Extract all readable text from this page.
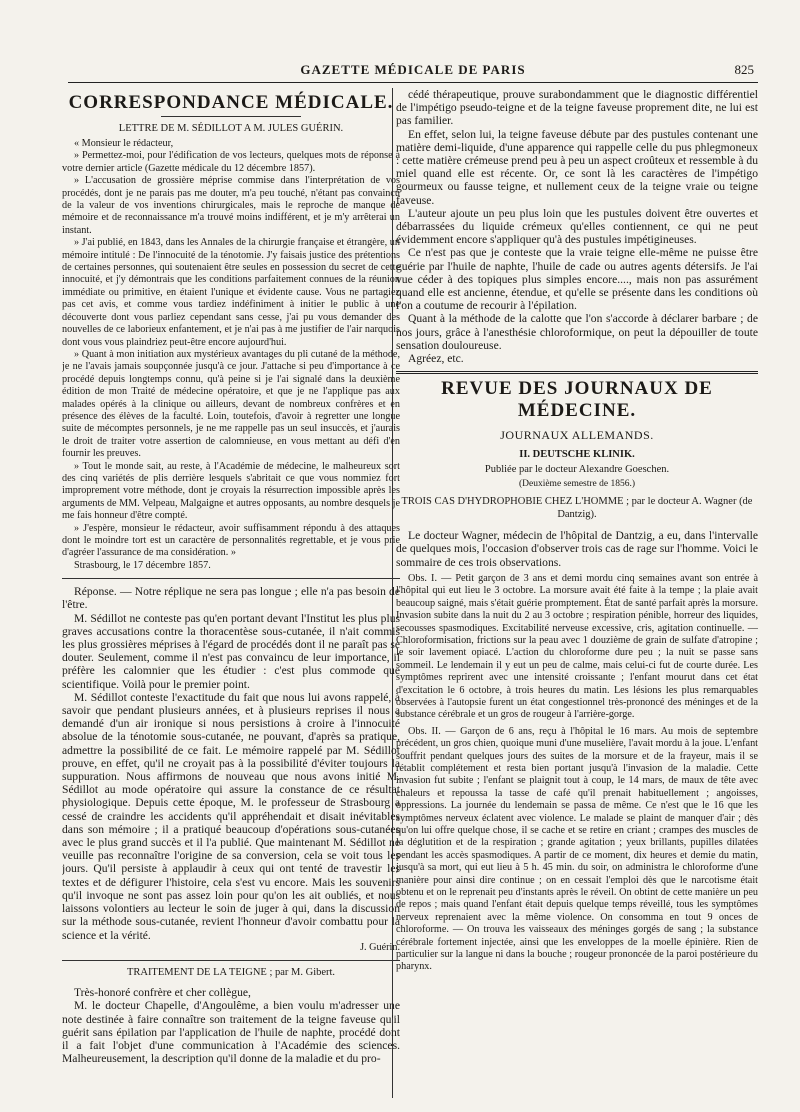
GAZETTE MÉDICALE DE PARIS	825
CORRESPONDANCE MÉDICALE.
LETTRE DE M. SÉDILLOT A M. JULES GUÉRIN.

« Monsieur le rédacteur,

» Permettez-moi, pour l'édification de vos lecteurs, quelques mots de réponse à votre dernier article (Gazette médicale du 12 décembre 1857).

» L'accusation de grossière méprise commise dans l'interprétation de vos procédés, dont je ne parais pas me douter, m'a peu touché, n'étant pas convaincu de la valeur de vos inventions chirurgicales, mais le reproche de manque de mémoire et de reconnaissance m'a trouvé moins indifférent, et je m'y arrêterai un instant.

» J'ai publié, en 1843, dans les Annales de la chirurgie française et étrangère, un mémoire intitulé : De l'innocuité de la ténotomie. J'y faisais justice des prétentions de certaines personnes, qui soutenaient être seules en possession du secret de cette innocuité, et j'y démontrais que les conditions parfaitement connues de la réunion immédiate ou primitive, en étaient l'unique et évidente cause. Vous ne partagiez pas cet avis, et comme vous tardiez indéfiniment à initier le public à une découverte dont vous parliez cependant sans cesse, j'ai pu vous demander des nouvelles de ce laborieux enfantement, et je n'ai pas à me justifier de l'air narquois dont vous vous plaindriez peut-être encore aujourd'hui.

» Quant à mon initiation aux mystérieux avantages du pli cutané de la méthode, je ne l'avais jamais soupçonnée jusqu'à ce jour. J'attache si peu d'importance à ce procédé depuis longtemps connu, qu'à peine si je l'ai signalé dans la deuxième édition de mon Traité de médecine opératoire, et que je ne l'applique pas aux malades opérés à la clinique ou ailleurs, devant de nombreux confrères et en présence des élèves de la faculté. Loin, toutefois, d'avoir à regretter une longue suite de mécomptes personnels, je ne me rappelle pas un seul insuccès, et j'aurais le droit de traiter votre assertion de calomnieuse, en vous mettant au défi d'en fournir les preuves.

» Tout le monde sait, au reste, à l'Académie de médecine, le malheureux sort des cinq variétés de plis derrière lesquels s'abritait ce que vous nommiez fort improprement votre méthode, dont je croyais la résurrection impossible après les arguments de MM. Velpeau, Malgaigne et autres opposants, au nombre desquels je me fais honneur d'être compté.

» J'espère, monsieur le rédacteur, avoir suffisamment répondu à des attaques dont le moindre tort est un caractère de personnalités regrettable, et je vous prie d'agréer l'assurance de ma considération. »

Strasbourg, le 17 décembre 1857.

Réponse. — Notre réplique ne sera pas longue ; elle n'a pas besoin de l'être.

M. Sédillot ne conteste pas qu'en portant devant l'Institut les plus plus graves accusations contre la thoracentèse sous-cutanée, il n'ait commis les plus grossières méprises à l'égard de procédés dont il ne paraît pas se douter. Seulement, comme il n'est pas convaincu de leur importance, il préfère les calomnier que les étudier : c'est plus commode que scientifique. Voilà pour le premier point.

M. Sédillot conteste l'exactitude du fait que nous lui avons rappelé, à savoir que pendant plusieurs années, et à plusieurs reprises il nous a demandé d'un air ironique si nous persistions à croire à l'innocuité absolue de la ténotomie sous-cutanée, ne pouvant, d'après sa pratique, admettre la possibilité de ce fait. Le mémoire rappelé par M. Sédillot prouve, en effet, qu'il ne croyait pas à la possibilité d'éviter toujours la suppuration. Nous affirmons de nouveau que nous avons initié M. Sédillot au mode opératoire qui assure la constance de ce résultat physiologique. Depuis cette époque, M. le professeur de Strasbourg a cessé de craindre les accidents qu'il appréhendait et disait inévitables dans son mémoire ; il a pratiqué beaucoup d'opérations sous-cutanées avec le plus grand succès et il l'a publié. Que maintenant M. Sédillot ne veuille pas reconnaître l'origine de sa conversion, cela se voit tous les jours. Qu'il persiste à applaudir à ceux qui ont tenté de travestir les textes et de défigurer l'histoire, cela s'est vu encore. Mais les souvenirs qu'il invoque ne sont pas assez loin pour qu'on les ait oubliés, et nous laissons volontiers au lecteur le soin de juger à qui, dans la discussion sur la méthode sous-cutanée, revient l'honneur d'avoir combattu pour la science et la vérité.

J. Guérin.

TRAITEMENT DE LA TEIGNE ; par M. Gibert.

Très-honoré confrère et cher collègue,

M. le docteur Chapelle, d'Angoulême, a bien voulu m'adresser une note destinée à faire connaître son traitement de la teigne faveuse qu'il guérit sans épilation par l'application de l'huile de naphte, procédé dont il a fait l'objet d'une communication à l'Académie des sciences. Malheureusement, la description qu'il donne de la maladie et du pro-

cédé thérapeutique, prouve surabondamment que le diagnostic différentiel de l'impétigo pseudo-teigne et de la teigne faveuse proprement dite, ne lui est pas familier.

En effet, selon lui, la teigne faveuse débute par des pustules contenant une matière demi-liquide, d'une apparence qui rappelle celle du pus phlegmoneux : cette matière crémeuse prend peu à peu un aspect croûteux et ressemble à du miel quand elle est récente. Or, ce sont là les caractères de l'impétigo gourmeux ou fausse teigne, et nullement ceux de la teigne vraie ou teigne faveuse.

L'auteur ajoute un peu plus loin que les pustules doivent être ouvertes et débarrassées du liquide crémeux qu'elles contiennent, ce qui ne peut évidemment encore s'appliquer qu'à des pustules impétigineuses.

Ce n'est pas que je conteste que la vraie teigne elle-même ne puisse être guérie par l'huile de naphte, l'huile de cade ou autres agents détersifs. Je l'ai vue céder à des topiques plus simples encore...., mais non pas assurément quand elle est ancienne, étendue, et qu'elle se présente dans les conditions où l'on a coutume de recourir à l'épilation.

Quant à la méthode de la calotte que l'on s'accorde à déclarer barbare ; de nos jours, grâce à l'anesthésie chloroformique, on peut la dépouiller de toute sensation douloureuse.

Agréez, etc.

REVUE DES JOURNAUX DE MÉDECINE.
JOURNAUX ALLEMANDS.
II. DEUTSCHE KLINIK.
Publiée par le docteur Alexandre Goeschen.
(Deuxième semestre de 1856.)
TROIS CAS D'HYDROPHOBIE CHEZ L'HOMME ; par le docteur A. Wagner (de Dantzig).

Le docteur Wagner, médecin de l'hôpital de Dantzig, a eu, dans l'intervalle de quelques mois, l'occasion d'observer trois cas de rage sur l'homme. Voici le sommaire de ces trois observations.

Obs. I. — Petit garçon de 3 ans et demi mordu cinq semaines avant son entrée à l'hôpital qui eut lieu le 3 octobre. La morsure avait été faite à la tempe ; la plaie avait beaucoup saigné, mais s'était guérie promptement. État de santé parfait après la morsure. Invasion subite dans la nuit du 2 au 3 octobre ; respiration pénible, horreur des liquides, secousses spasmodiques. Excitabilité nerveuse excessive, cris, agitation continuelle. — Chloroformisation, frictions sur la peau avec 1 douzième de grain de sulfate d'atropine ; le soir lavement opiacé. L'action du chloroforme dure peu ; la nuit se passe sans sommeil. Le lendemain il y eut un peu de calme, mais celui-ci fut de courte durée. Les symptômes reprirent avec une intensité croissante ; l'enfant mourut dans cet état d'excitation le 6 octobre, à trois heures du matin. Les lésions les plus remarquables observées à l'autopsie furent un état congestionnel très-prononcé des méninges et de la substance cérébrale et un gros de rougeur à l'arrière-gorge.

Obs. II. — Garçon de 6 ans, reçu à l'hôpital le 16 mars. Au mois de septembre précédent, un gros chien, quoique muni d'une muselière, l'avait mordu à la joue. L'enfant souffrit pendant quelques jours des suites de la morsure et de la frayeur, mais il se rétablit complétement et resta bien portant jusqu'à l'invasion de la maladie. Cette invasion fut subite ; l'enfant se plaignit tout à coup, le 14 mars, de maux de tête avec chaleurs et repoussa la tasse de café qu'il prenait habituellement ; angoisses, oppressions. La journée du lendemain se passa de même. Ce n'est que le 16 que les symptômes nerveux éclatent avec violence. Le malade se plaint de manquer d'air ; dès qu'on lui offre quelque chose, il se cache et se retire en criant ; crampes des muscles de la déglutition et de la respiration ; grande agitation ; yeux brillants, pupilles dilatées pendant les accès spasmodiques. A partir de ce moment, dix heures et demie du matin, jusqu'à sa mort, qui eut lieu à 5 h. 45 min. du soir, on administra le chloroforme d'une manière pour ainsi dire continue ; on en cessait l'emploi dès que le narcotisme était obtenu et on le reprenait peu d'instants après le réveil. On obtint de cette manière un peu de repos ; mais quand l'enfant était depuis quelque temps réveillé, tous les symptômes nerveux reprenaient avec la même violence. On consomma en tout 9 onces de chloroforme. — On trouva les vaisseaux des méninges gorgés de sang ; la substance cérébrale fortement injectée, ainsi que les enveloppes de la moelle épinière. Rien de particulier sur la langue ni dans la bouche ; rougeur prononcée de la paroi postérieure du pharynx.
